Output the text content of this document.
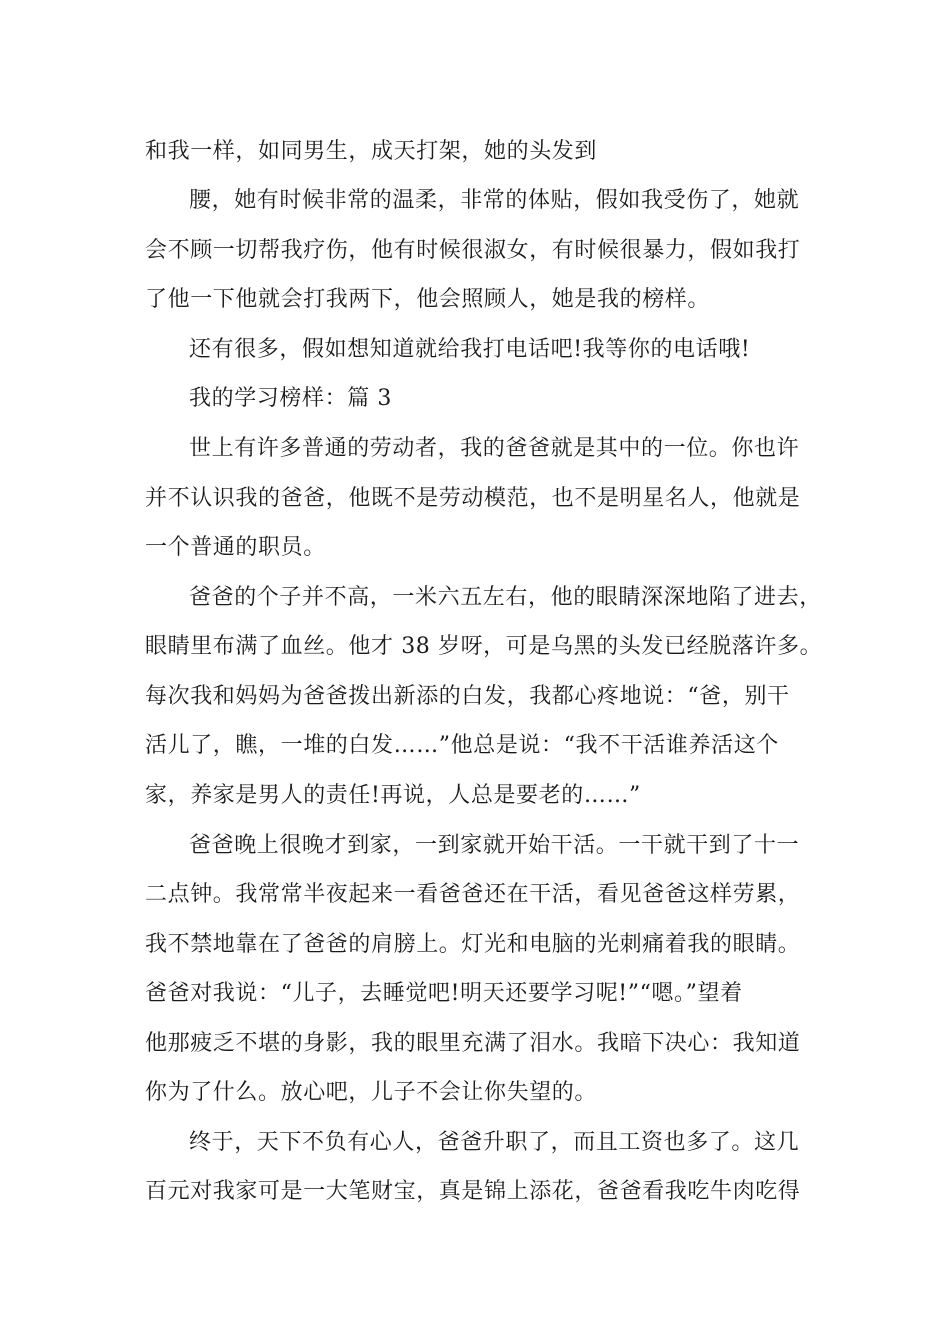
和我一样，如同男生，成天打架，她的头发到

腰，她有时候非常的温柔，非常的体贴，假如我受伤了，她就

会不顾一切帮我疗伤，他有时候很淑女，有时候很暴力，假如我打

了他一下他就会打我两下，他会照顾人，她是我的榜样。

还有很多，假如想知道就给我打电话吧!我等你的电话哦!

我的学习榜样：篇 3

世上有许多普通的劳动者，我的爸爸就是其中的一位。你也许

并不认识我的爸爸，他既不是劳动模范，也不是明星名人，他就是

一个普通的职员。

爸爸的个子并不高，一米六五左右，他的眼睛深深地陷了进去，

眼睛里布满了血丝。他才 38 岁呀，可是乌黑的头发已经脱落许多。

每次我和妈妈为爸爸拨出新添的白发，我都心疼地说：“爸，别干

活儿了，瞧，一堆的白发……”他总是说：“我不干活谁养活这个

家，养家是男人的责任!再说，人总是要老的……”

爸爸晚上很晚才到家，一到家就开始干活。一干就干到了十一

二点钟。我常常半夜起来一看爸爸还在干活，看见爸爸这样劳累，

我不禁地靠在了爸爸的肩膀上。灯光和电脑的光刺痛着我的眼睛。

爸爸对我说：“儿子，去睡觉吧!明天还要学习呢!”“嗯。”望着

他那疲乏不堪的身影，我的眼里充满了泪水。我暗下决心：我知道

你为了什么。放心吧，儿子不会让你失望的。

终于，天下不负有心人，爸爸升职了，而且工资也多了。这几

百元对我家可是一大笔财宝，真是锦上添花，爸爸看我吃牛肉吃得
